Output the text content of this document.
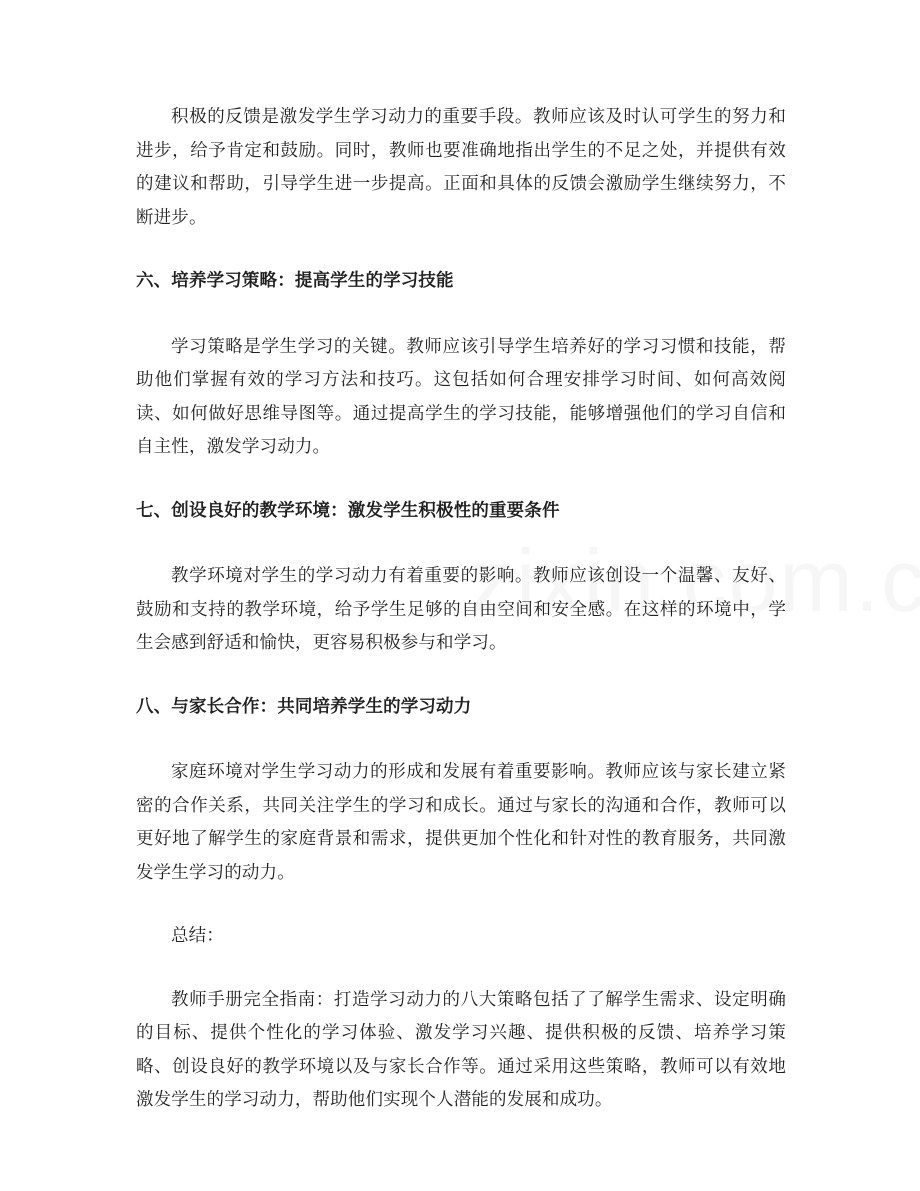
积极的反馈是激发学生学习动力的重要手段。教师应该及时认可学生的努力和进步，给予肯定和鼓励。同时，教师也要准确地指出学生的不足之处，并提供有效的建议和帮助，引导学生进一步提高。正面和具体的反馈会激励学生继续努力，不断进步。

六、培养学习策略：提高学生的学习技能

学习策略是学生学习的关键。教师应该引导学生培养好的学习习惯和技能，帮助他们掌握有效的学习方法和技巧。这包括如何合理安排学习时间、如何高效阅读、如何做好思维导图等。通过提高学生的学习技能，能够增强他们的学习自信和自主性，激发学习动力。

七、创设良好的教学环境：激发学生积极性的重要条件

教学环境对学生的学习动力有着重要的影响。教师应该创设一个温馨、友好、鼓励和支持的教学环境，给予学生足够的自由空间和安全感。在这样的环境中，学生会感到舒适和愉快，更容易积极参与和学习。

八、与家长合作：共同培养学生的学习动力

家庭环境对学生学习动力的形成和发展有着重要影响。教师应该与家长建立紧密的合作关系，共同关注学生的学习和成长。通过与家长的沟通和合作，教师可以更好地了解学生的家庭背景和需求，提供更加个性化和针对性的教育服务，共同激发学生学习的动力。

总结：

教师手册完全指南：打造学习动力的八大策略包括了了解学生需求、设定明确的目标、提供个性化的学习体验、激发学习兴趣、提供积极的反馈、培养学习策略、创设良好的教学环境以及与家长合作等。通过采用这些策略，教师可以有效地激发学生的学习动力，帮助他们实现个人潜能的发展和成功。
